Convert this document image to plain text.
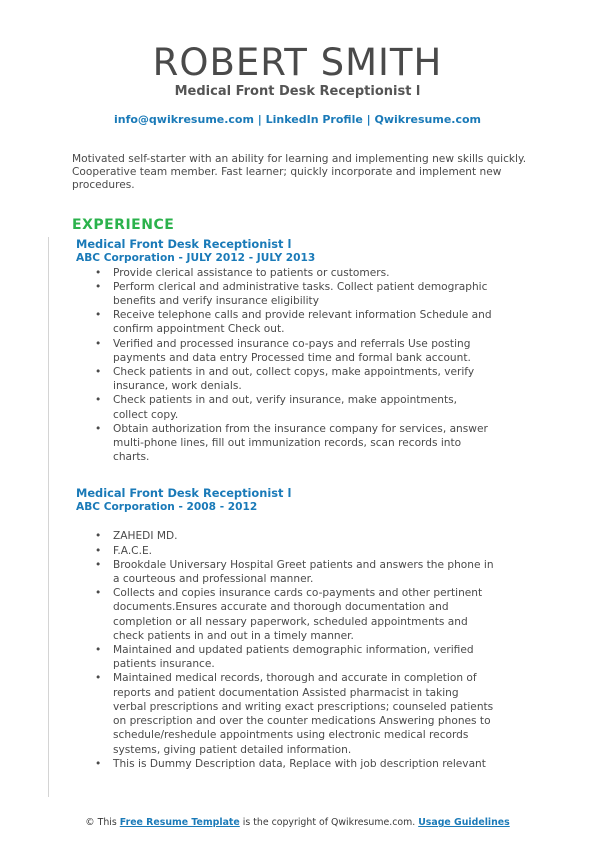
ROBERT SMITH
Medical Front Desk Receptionist l
info@qwikresume.com | LinkedIn Profile | Qwikresume.com
Motivated self-starter with an ability for learning and implementing new skills quickly. Cooperative team member. Fast learner; quickly incorporate and implement new procedures.
EXPERIENCE
Medical Front Desk Receptionist l
ABC Corporation - JULY 2012 - JULY 2013
• Provide clerical assistance to patients or customers.
• Perform clerical and administrative tasks. Collect patient demographic benefits and verify insurance eligibility
• Receive telephone calls and provide relevant information Schedule and confirm appointment Check out.
• Verified and processed insurance co-pays and referrals Use posting payments and data entry Processed time and formal bank account.
• Check patients in and out, collect copys, make appointments, verify insurance, work denials.
• Check patients in and out, verify insurance, make appointments, collect copy.
• Obtain authorization from the insurance company for services, answer multi-phone lines, fill out immunization records, scan records into charts.
Medical Front Desk Receptionist l
ABC Corporation - 2008 - 2012
• ZAHEDI MD.
• F.A.C.E.
• Brookdale Universary Hospital Greet patients and answers the phone in a courteous and professional manner.
• Collects and copies insurance cards co-payments and other pertinent documents.Ensures accurate and thorough documentation and completion or all nessary paperwork, scheduled appointments and check patients in and out in a timely manner.
• Maintained and updated patients demographic information, verified patients insurance.
• Maintained medical records, thorough and accurate in completion of reports and patient documentation Assisted pharmacist in taking verbal prescriptions and writing exact prescriptions; counseled patients on prescription and over the counter medications Answering phones to schedule/reshedule appointments using electronic medical records systems, giving patient detailed information.
• This is Dummy Description data, Replace with job description relevant
© This Free Resume Template is the copyright of Qwikresume.com. Usage Guidelines
